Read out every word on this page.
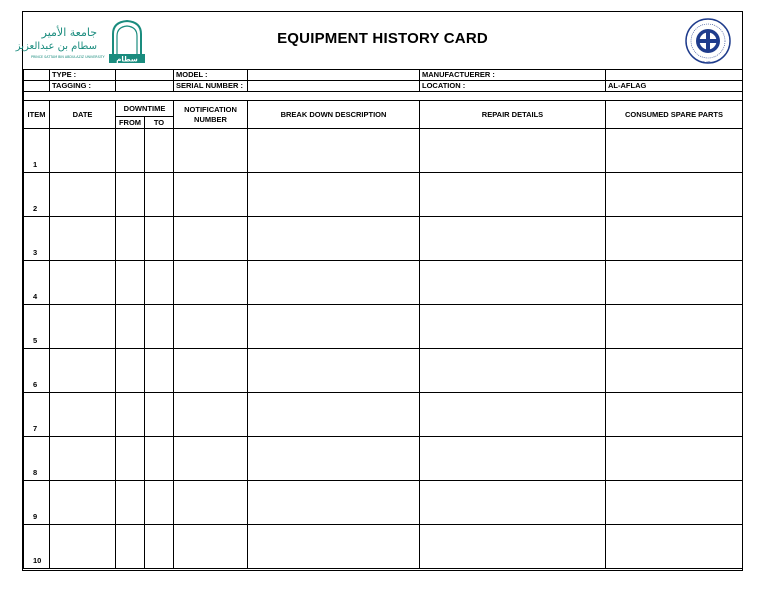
جامعة الأمير
سطام بن عبدالعزيز
PRINCE SATTAM BIN ABDULAZIZ UNIVERSITY سطام
EQUIPMENT HISTORY CARD
Al-Aflag
	TYPE :			MODEL :		MANUFACTUERER :	
	TAGGING :			SERIAL NUMBER :		LOCATION :	AL-AFLAG

ITEM	DATE	DOWNTIME		NOTIFICATION NUMBER	BREAK DOWN DESCRIPTION	REPAIR DETAILS	CONSUMED SPARE PARTS
		FROM	TO				
1							
2							
3							
4							
5							
6							
7							
8							
9							
10							
